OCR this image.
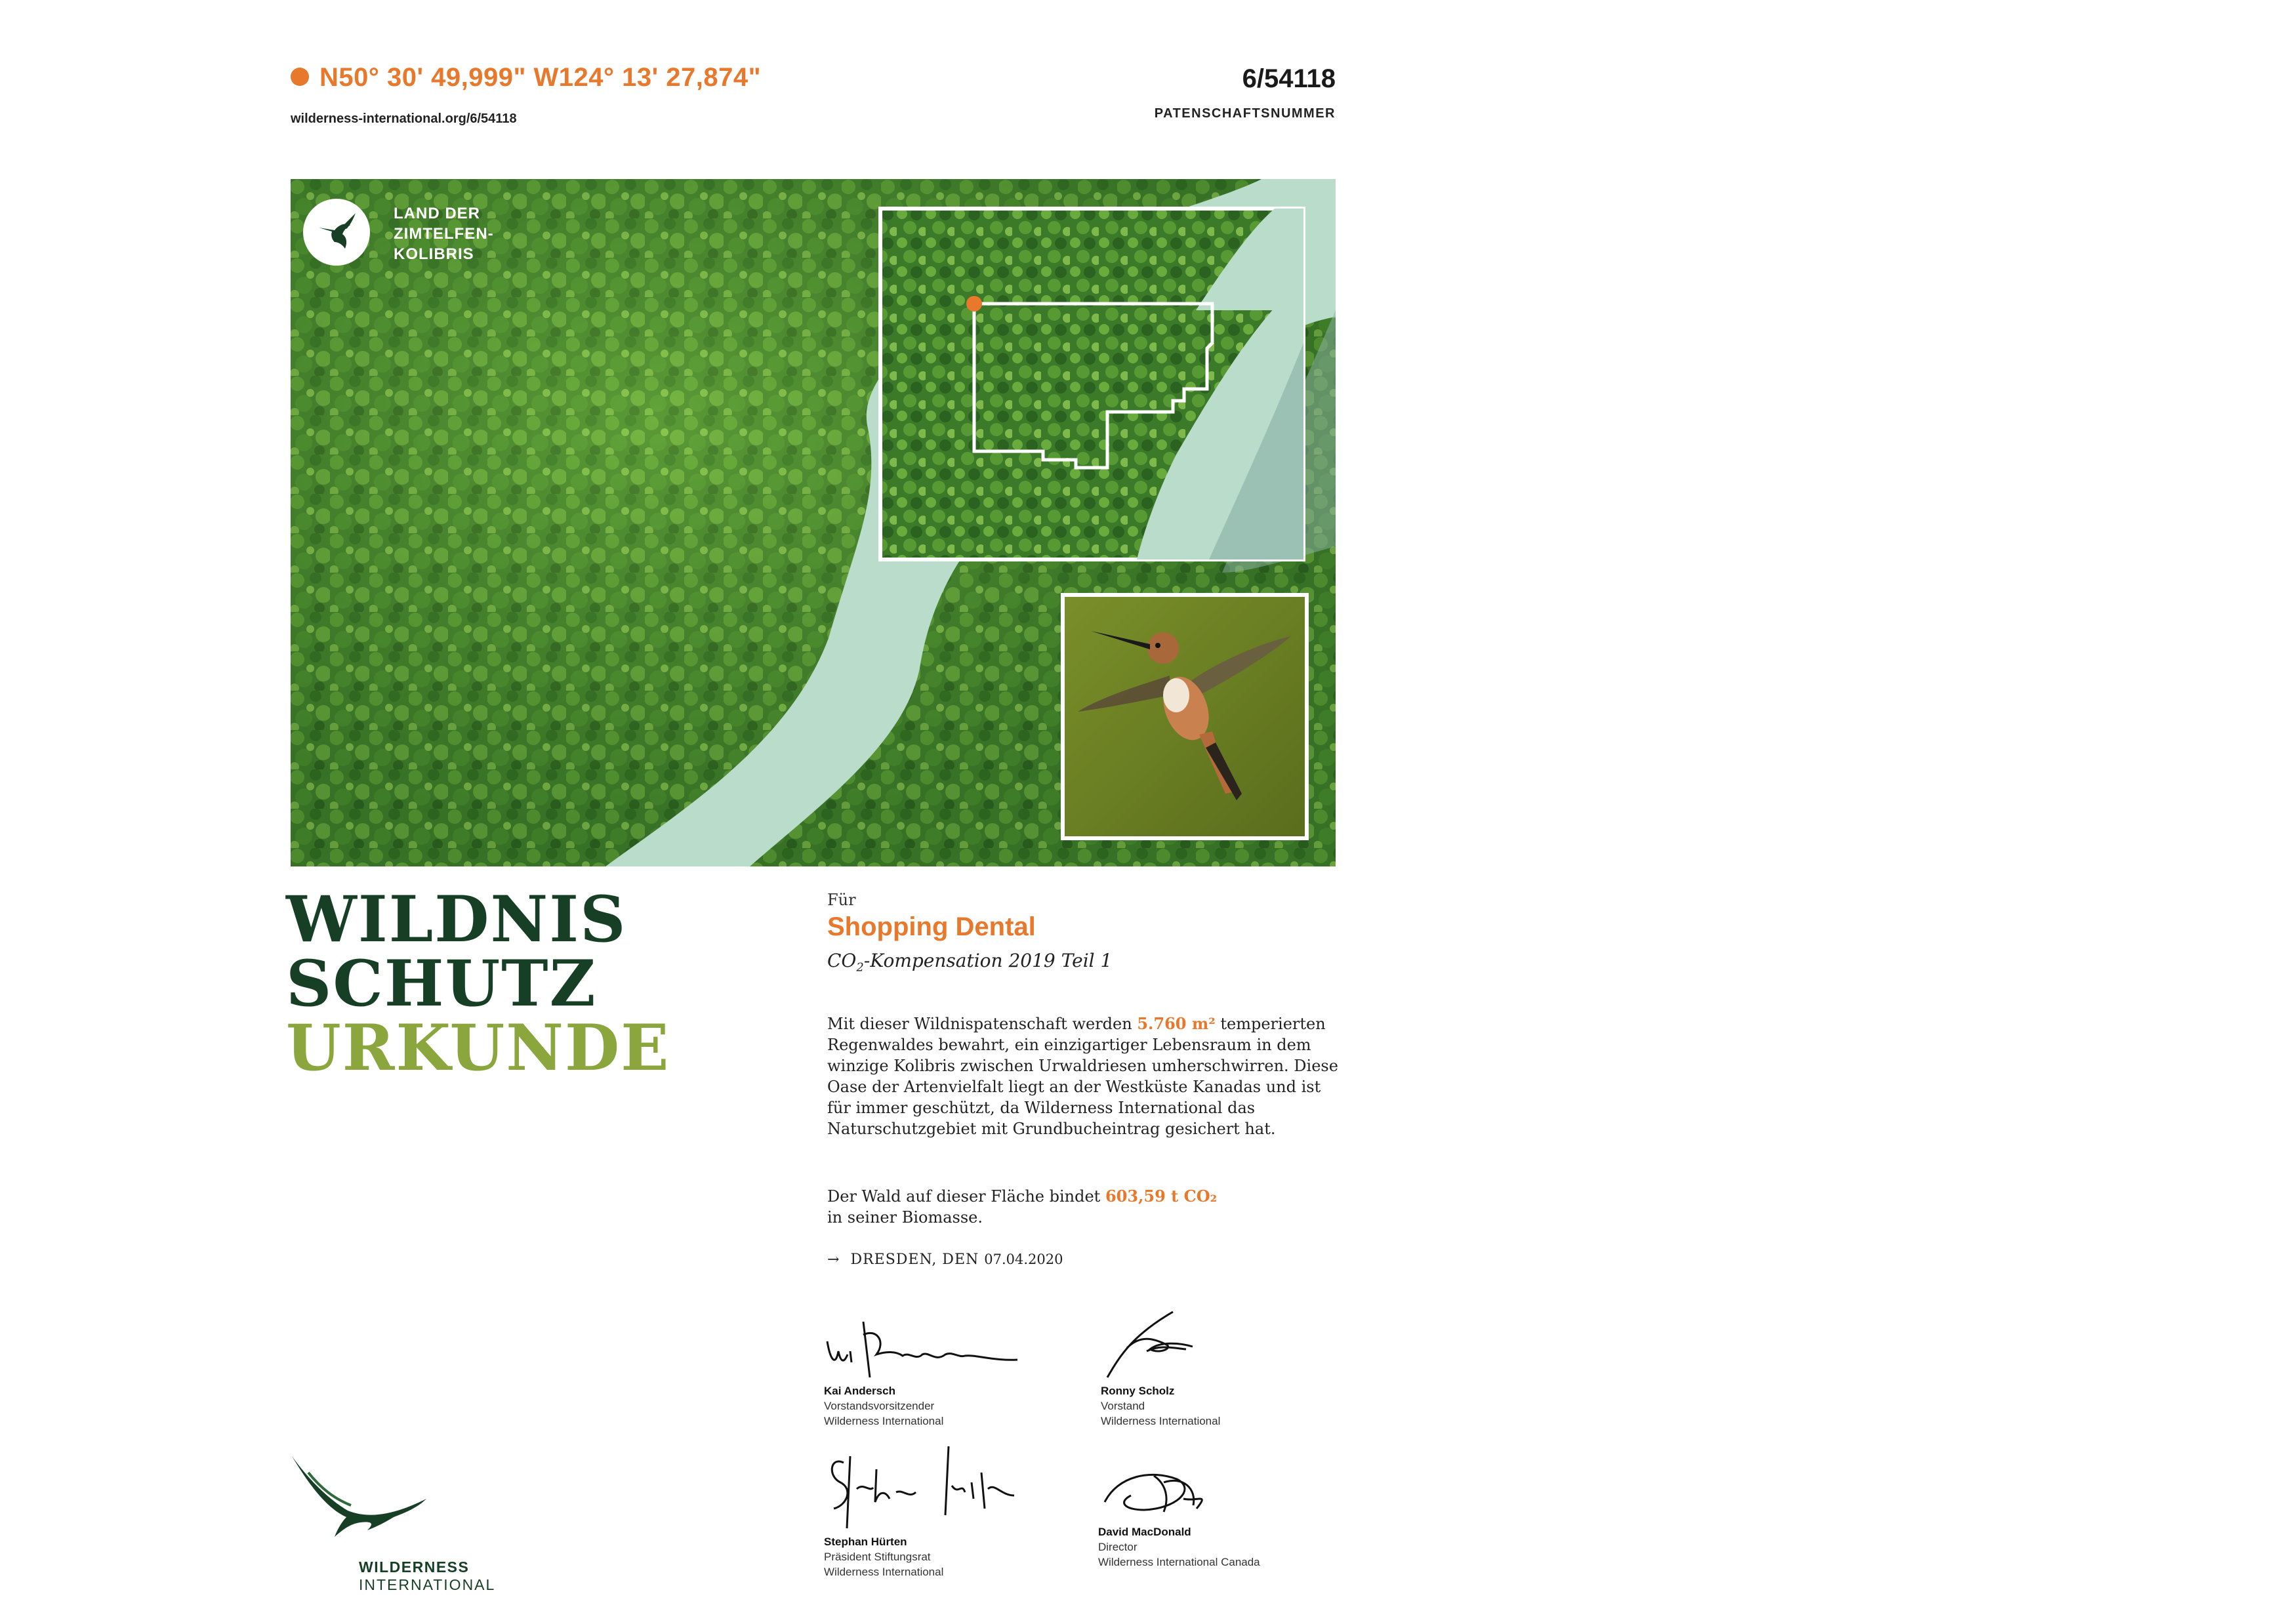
N50° 30' 49,999" W124° 13' 27,874"
wilderness-international.org/6/54118
6/54118
PATENSCHAFTSNUMMER
LAND DER
ZIMTELFEN-
KOLIBRIS
WILDNIS
SCHUTZ
URKUNDE
Für
Shopping Dental
$CO_2$-Kompensation 2019 Teil 1
Mit dieser Wildnispatenschaft werden 5.760 m² temperierten Regenwaldes bewahrt, ein einzigartiger Lebensraum in dem winzige Kolibris zwischen Urwaldriesen umherschwirren. Diese Oase der Artenvielfalt liegt an der Westküste Kanadas und ist für immer geschützt, da Wilderness International das Naturschutzgebiet mit Grundbucheintrag gesichert hat.
Der Wald auf dieser Fläche bindet 603,59 t CO₂
in seiner Biomasse.
→ DRESDEN, DEN 07.04.2020
Kai Andersch
Vorstandsvorsitzender
Wilderness International
Ronny Scholz
Vorstand
Wilderness International
Stephan Hürten
Präsident Stiftungsrat
Wilderness International
David MacDonald
Director
Wilderness International Canada
WILDERNESS
INTERNATIONAL
